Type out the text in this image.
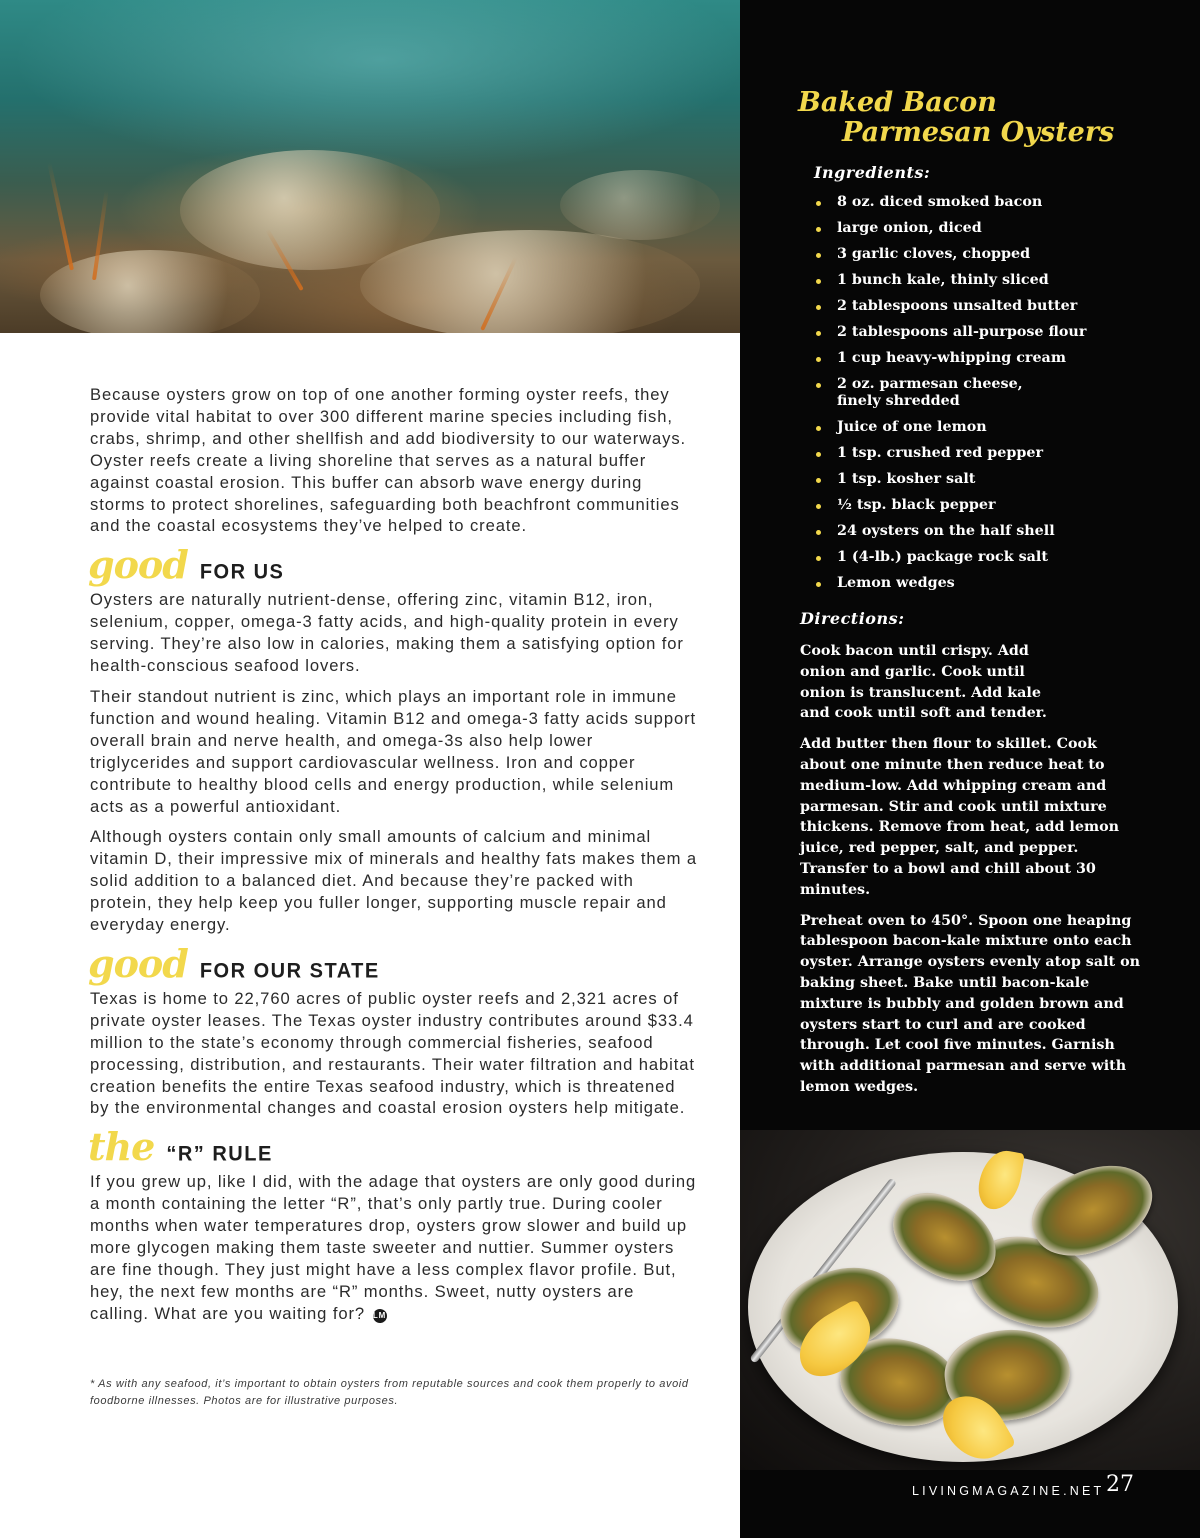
Because oysters grow on top of one another forming oyster reefs, they provide vital habitat to over 300 different marine species including fish, crabs, shrimp, and other shellfish and add biodiversity to our waterways. Oyster reefs create a living shoreline that serves as a natural buffer against coastal erosion. This buffer can absorb wave energy during storms to protect shorelines, safeguarding both beachfront communities and the coastal ecosystems they’ve helped to create.

good FOR US

Oysters are naturally nutrient-dense, offering zinc, vitamin B12, iron, selenium, copper, omega-3 fatty acids, and high-quality protein in every serving. They’re also low in calories, making them a satisfying option for health-conscious seafood lovers.

Their standout nutrient is zinc, which plays an important role in immune function and wound healing. Vitamin B12 and omega-3 fatty acids support overall brain and nerve health, and omega-3s also help lower triglycerides and support cardiovascular wellness. Iron and copper contribute to healthy blood cells and energy production, while selenium acts as a powerful antioxidant.

Although oysters contain only small amounts of calcium and minimal vitamin D, their impressive mix of minerals and healthy fats makes them a solid addition to a balanced diet. And because they’re packed with protein, they help keep you fuller longer, supporting muscle repair and everyday energy.

good FOR OUR STATE

Texas is home to 22,760 acres of public oyster reefs and 2,321 acres of private oyster leases. The Texas oyster industry contributes around $33.4 million to the state’s economy through commercial fisheries, seafood processing, distribution, and restaurants. Their water filtration and habitat creation benefits the entire Texas seafood industry, which is threatened by the environmental changes and coastal erosion oysters help mitigate.

the “R” RULE

If you grew up, like I did, with the adage that oysters are only good during a month containing the letter “R”, that’s only partly true. During cooler months when water temperatures drop, oysters grow slower and build up more glycogen making them taste sweeter and nuttier. Summer oysters are fine though. They just might have a less complex flavor profile. But, hey, the next few months are “R” months. Sweet, nutty oysters are calling. What are you waiting for? LM

* As with any seafood, it’s important to obtain oysters from reputable sources and cook them properly to avoid foodborne illnesses. Photos are for illustrative purposes.
Baked Bacon
Parmesan Oysters
Ingredients:
8 oz. diced smoked bacon
large onion, diced
3 garlic cloves, chopped
1 bunch kale, thinly sliced
2 tablespoons unsalted butter
2 tablespoons all-purpose flour
1 cup heavy-whipping cream
2 oz. parmesan cheese, finely shredded
Juice of one lemon
1 tsp. crushed red pepper
1 tsp. kosher salt
½ tsp. black pepper
24 oysters on the half shell
1 (4-lb.) package rock salt
Lemon wedges
Directions:

Cook bacon until crispy. Add onion and garlic. Cook until onion is translucent. Add kale and cook until soft and tender.

Add butter then flour to skillet. Cook about one minute then reduce heat to medium-low. Add whipping cream and parmesan. Stir and cook until mixture thickens. Remove from heat, add lemon juice, red pepper, salt, and pepper. Transfer to a bowl and chill about 30 minutes.

Preheat oven to 450°. Spoon one heaping tablespoon bacon-kale mixture onto each oyster. Arrange oysters evenly atop salt on baking sheet. Bake until bacon-kale mixture is bubbly and golden brown and oysters start to curl and are cooked through. Let cool five minutes. Garnish with additional parmesan and serve with lemon wedges.

LIVINGMAGAZINE.NET 27
